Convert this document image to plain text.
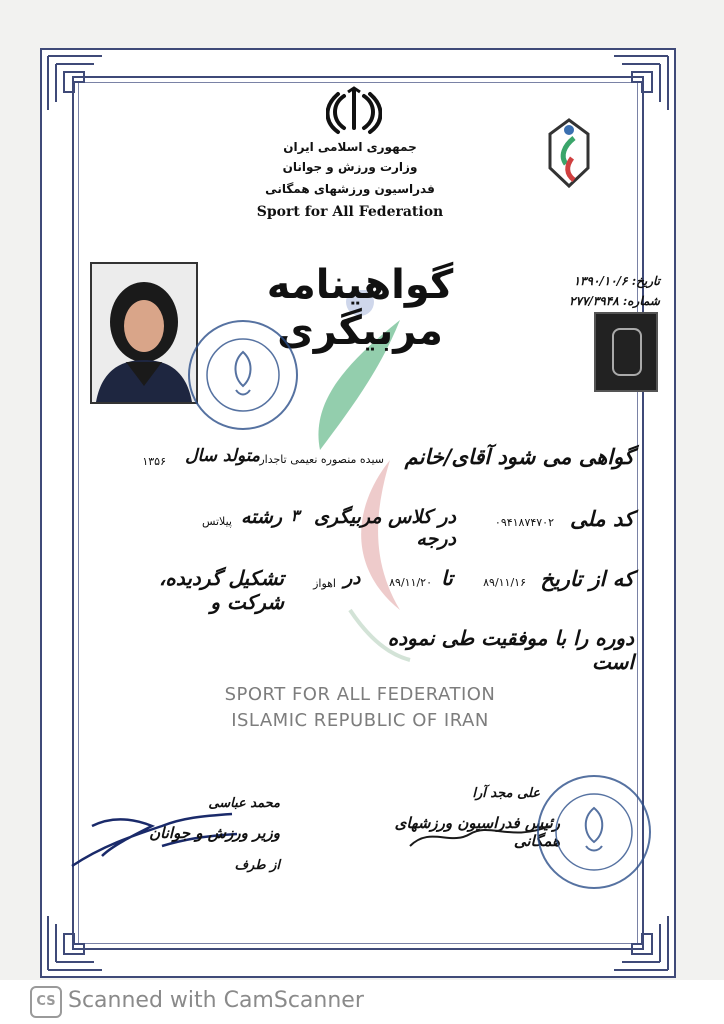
جمهوری اسلامی ایران
وزارت ورزش و جوانان
فدراسیون ورزشهای همگانی
Sport for All Federation
تاریخ: ۱۳۹۰/۱۰/۶
شماره: ۲۷۷/۳۹۴۸
گواهینامه مربیگری
گواهی می شود آقای/خانم
سیده منصوره نعیمی تاجدار
متولد سال
۱۳۵۶
کد ملی
۰۹۴۱۸۷۴۷۰۲
در کلاس مربیگری درجه
۳
رشته
پیلاتس
که از تاریخ
۸۹/۱۱/۱۶
تا
۸۹/۱۱/۲۰
در
اهواز
تشکیل گردیده، شرکت و
دوره را با موفقیت طی نموده است
SPORT FOR ALL FEDERATION
ISLAMIC REPUBLIC OF IRAN
محمد عباسی
وزیر ورزش و جوانان
از طرف
علی مجد آرا
رئیس فدراسیون ورزشهای همگانی
CS Scanned with CamScanner
